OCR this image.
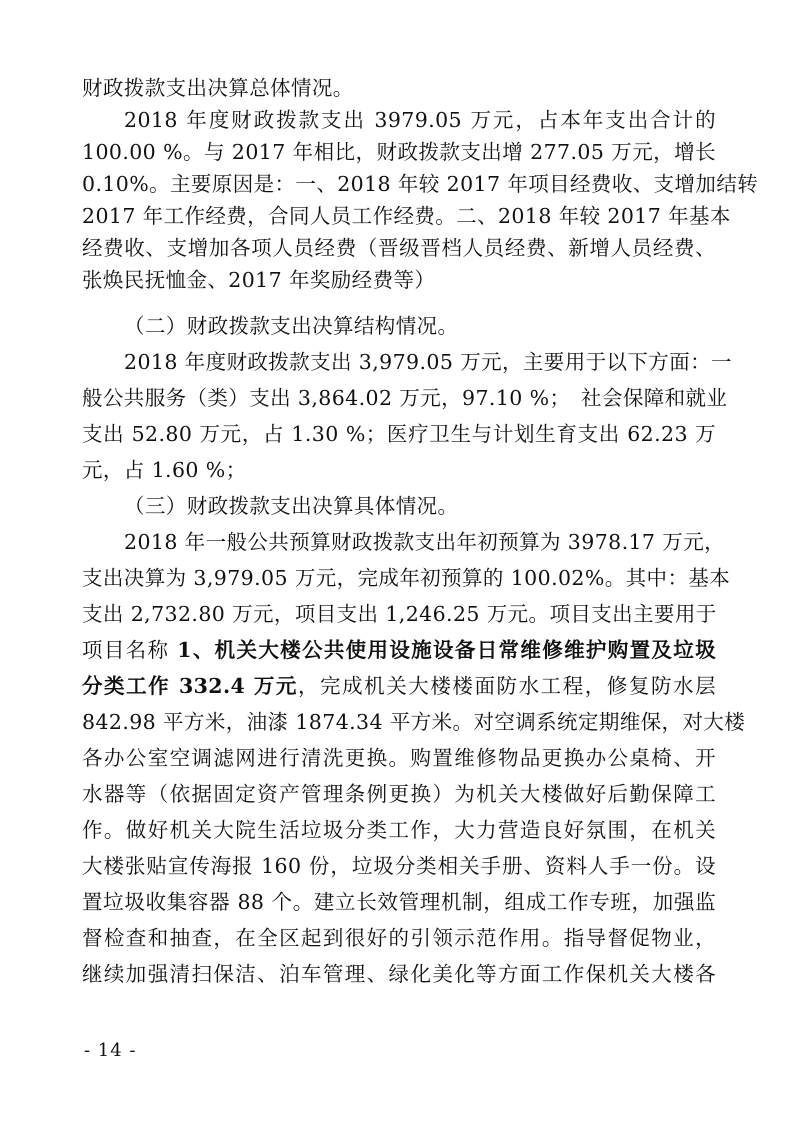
财政拨款支出决算总体情况。
2018 年度财政拨款支出 3979.05 万元，占本年支出合计的
100.00 %。与 2017 年相比，财政拨款支出增 277.05 万元，增长
0.10%。主要原因是：一、2018 年较 2017 年项目经费收、支增加结转
2017 年工作经费，合同人员工作经费。二、2018 年较 2017 年基本
经费收、支增加各项人员经费（晋级晋档人员经费、新增人员经费、
张焕民抚恤金、2017 年奖励经费等）
（二）财政拨款支出决算结构情况。
2018 年度财政拨款支出 3,979.05 万元，主要用于以下方面：一
般公共服务（类）支出 3,864.02 万元，97.10 %；　社会保障和就业
支出 52.80 万元，占 1.30 %；医疗卫生与计划生育支出 62.23 万
元，占 1.60 %；
（三）财政拨款支出决算具体情况。
2018 年一般公共预算财政拨款支出年初预算为 3978.17 万元，
支出决算为 3,979.05 万元，完成年初预算的 100.02%。其中：基本
支出 2,732.80 万元，项目支出 1,246.25 万元。项目支出主要用于
项目名称 1、机关大楼公共使用设施设备日常维修维护购置及垃圾
分类工作 332.4 万元，完成机关大楼楼面防水工程，修复防水层
842.98 平方米，油漆 1874.34 平方米。对空调系统定期维保，对大楼
各办公室空调滤网进行清洗更换。购置维修物品更换办公桌椅、开
水器等（依据固定资产管理条例更换）为机关大楼做好后勤保障工
作。做好机关大院生活垃圾分类工作，大力营造良好氛围，在机关
大楼张贴宣传海报 160 份，垃圾分类相关手册、资料人手一份。设
置垃圾收集容器 88 个。建立长效管理机制，组成工作专班，加强监
督检查和抽查，在全区起到很好的引领示范作用。指导督促物业，
继续加强清扫保洁、泊车管理、绿化美化等方面工作保机关大楼各
- 14 -
